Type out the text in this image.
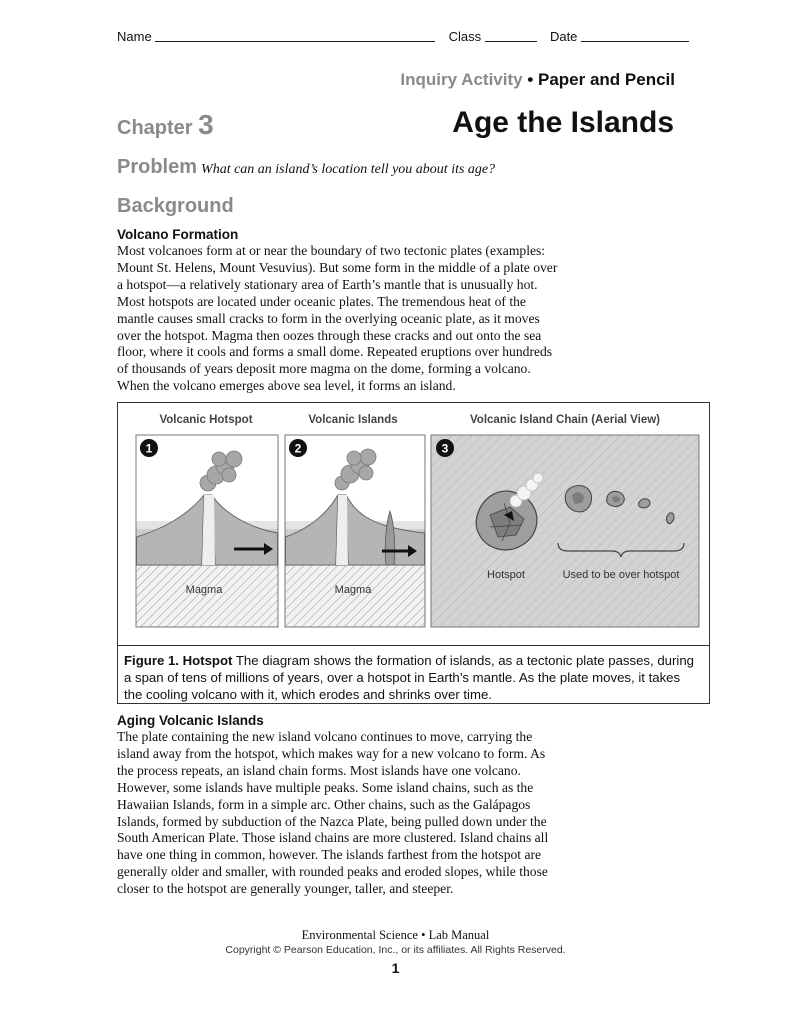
Name	Class	Date
Inquiry Activity • Paper and Pencil
Chapter 3	Age the Islands
Problem What can an island’s location tell you about its age?
Background
Volcano Formation
Most volcanoes form at or near the boundary of two tectonic plates (examples:
Mount St. Helens, Mount Vesuvius). But some form in the middle of a plate over
a hotspot—a relatively stationary area of Earth’s mantle that is unusually hot.
Most hotspots are located under oceanic plates. The tremendous heat of the
mantle causes small cracks to form in the overlying oceanic plate, as it moves
over the hotspot. Magma then oozes through these cracks and out onto the sea
floor, where it cools and forms a small dome. Repeated eruptions over hundreds
of thousands of years deposit more magma on the dome, forming a volcano.
When the volcano emerges above sea level, it forms an island.
Volcanic Hotspot	Volcanic Islands	Volcanic Island Chain (Aerial View)
Magma
1
Magma
2
Hotspot	Used to be over hotspot
3
Figure 1. Hotspot The diagram shows the formation of islands, as a tectonic plate passes, during a span of tens of millions of years, over a hotspot in Earth’s mantle. As the plate moves, it takes the cooling volcano with it, which erodes and shrinks over time.
Aging Volcanic Islands
The plate containing the new island volcano continues to move, carrying the
island away from the hotspot, which makes way for a new volcano to form. As
the process repeats, an island chain forms. Most islands have one volcano.
However, some islands have multiple peaks. Some island chains, such as the
Hawaiian Islands, form in a simple arc. Other chains, such as the Galápagos
Islands, formed by subduction of the Nazca Plate, being pulled down under the
South American Plate. Those island chains are more clustered. Island chains all
have one thing in common, however. The islands farthest from the hotspot are
generally older and smaller, with rounded peaks and eroded slopes, while those
closer to the hotspot are generally younger, taller, and steeper.
Environmental Science • Lab Manual
Copyright © Pearson Education, Inc., or its affiliates. All Rights Reserved.
1
